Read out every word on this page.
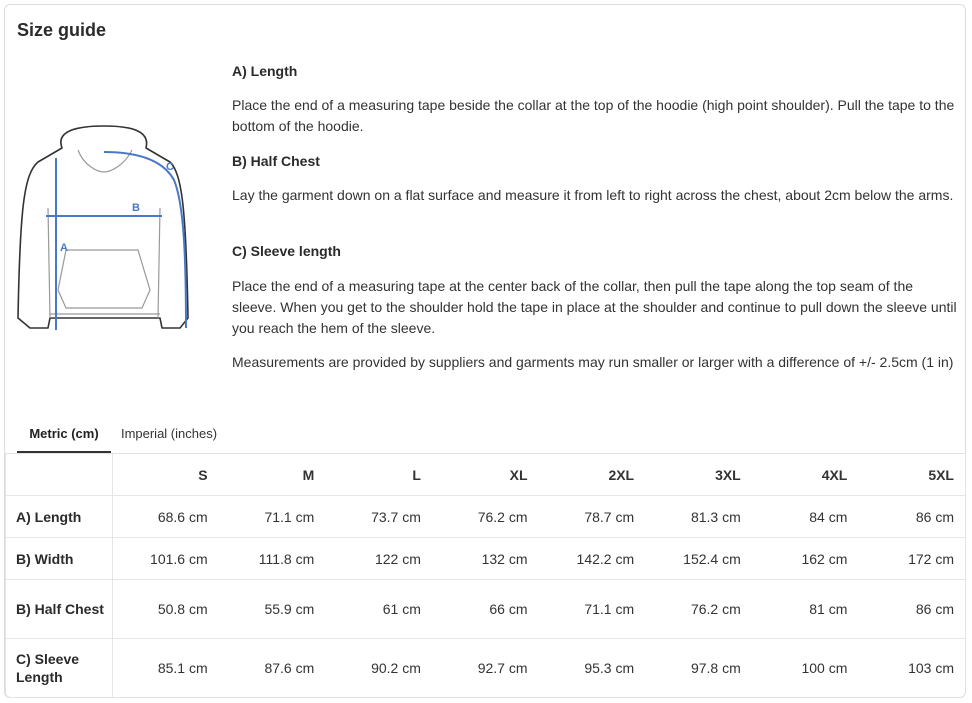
Size guide
A
B
C
A) Length

Place the end of a measuring tape beside the collar at the top of the hoodie (high point shoulder). Pull the tape to the bottom of the hoodie.

B) Half Chest

Lay the garment down on a flat surface and measure it from left to right across the chest, about 2cm below the arms.

C) Sleeve length

Place the end of a measuring tape at the center back of the collar, then pull the tape along the top seam of the sleeve. When you get to the shoulder hold the tape in place at the shoulder and continue to pull down the sleeve until you reach the hem of the sleeve.

Measurements are provided by suppliers and garments may run smaller or larger with a difference of +/- 2.5cm (1 in)

Metric (cm)	Imperial (inches)
	S	M	L	XL	2XL	3XL	4XL	5XL
A) Length	68.6 cm	71.1 cm	73.7 cm	76.2 cm	78.7 cm	81.3 cm	84 cm	86 cm
B) Width	101.6 cm	111.8 cm	122 cm	132 cm	142.2 cm	152.4 cm	162 cm	172 cm
B) Half Chest	50.8 cm	55.9 cm	61 cm	66 cm	71.1 cm	76.2 cm	81 cm	86 cm
C) Sleeve Length	85.1 cm	87.6 cm	90.2 cm	92.7 cm	95.3 cm	97.8 cm	100 cm	103 cm
